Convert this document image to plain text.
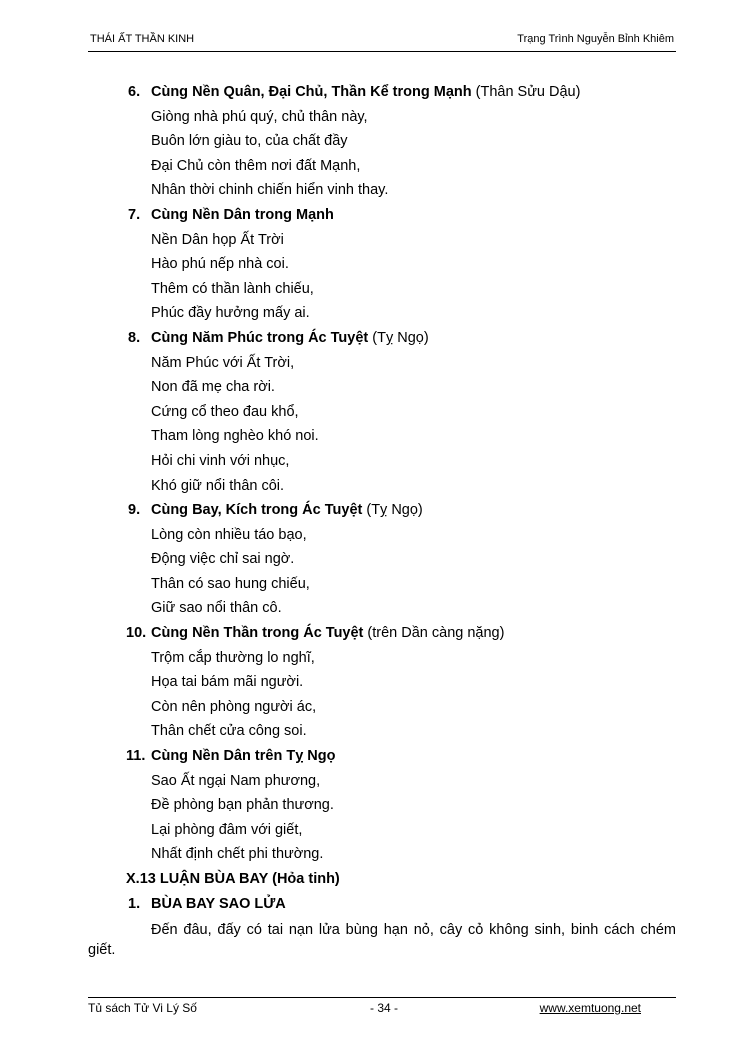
THÁI ẤT THẦN KINH	Trạng Trình Nguyễn Bỉnh Khiêm
6. Cùng Nền Quân, Đại Chủ, Thần Kể trong Mạnh (Thân Sửu Dậu)
Giòng nhà phú quý, chủ thân này,
Buôn lớn giàu to, của chất đầy
Đại Chủ còn thêm nơi đất Mạnh,
Nhân thời chinh chiến hiển vinh thay.
7. Cùng Nền Dân trong Mạnh
Nền Dân họp Ất Trời
Hào phú nếp nhà coi.
Thêm có thần lành chiếu,
Phúc đầy hưởng mấy ai.
8. Cùng Năm Phúc trong Ác Tuyệt (Tỵ Ngọ)
Năm Phúc với Ất Trời,
Non đã mẹ cha rời.
Cứng cổ theo đau khổ,
Tham lòng nghèo khó noi.
Hỏi chi vinh với nhục,
Khó giữ nổi thân côi.
9. Cùng Bay, Kích trong Ác Tuyệt (Tỵ Ngọ)
Lòng còn nhiều táo bạo,
Động việc chỉ sai ngờ.
Thân có sao hung chiếu,
Giữ sao nổi thân cô.
10. Cùng Nền Thần trong Ác Tuyệt (trên Dần càng nặng)
Trộm cắp thường lo nghĩ,
Họa tai bám mãi người.
Còn nên phòng người ác,
Thân chết cửa công soi.
11. Cùng Nền Dân trên Tỵ Ngọ
Sao Ất ngại Nam phương,
Đề phòng bạn phản thương.
Lại phòng đâm với giết,
Nhất định chết phi thường.
X.13 LUẬN BÙA BAY (Hỏa tinh)
1. BÙA BAY SAO LỬA
Đến đâu, đấy có tai nạn lửa bùng hạn nỏ, cây cỏ không sinh, binh cách chém giết.
Tủ sách Tử Vi Lý Số	- 34 -	www.xemtuong.net
